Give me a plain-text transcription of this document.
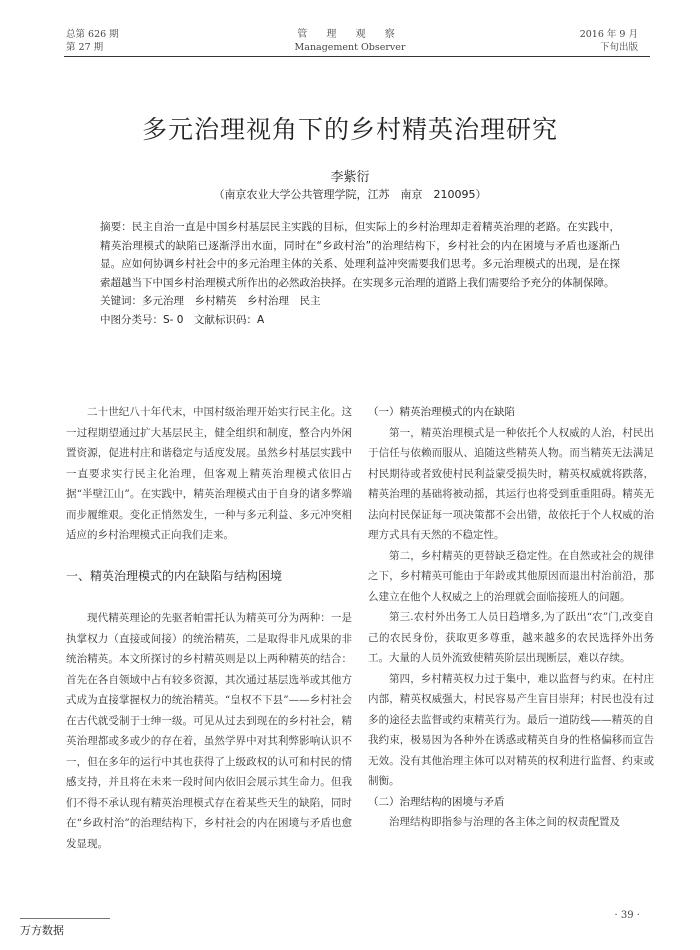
总第 626 期
第 27 期
管 理 观 察
Management Observer
2016 年 9 月
下旬出版
多元治理视角下的乡村精英治理研究
李紫衍
（南京农业大学公共管理学院，江苏　南京　210095）

摘要：民主自治一直是中国乡村基层民主实践的目标，但实际上的乡村治理却走着精英治理的老路。在实践中，精英治理模式的缺陷已逐渐浮出水面，同时在“乡政村治”的治理结构下，乡村社会的内在困境与矛盾也逐渐凸显。应如何协调乡村社会中的多元治理主体的关系、处理利益冲突需要我们思考。多元治理模式的出现，是在探索超越当下中国乡村治理模式所作出的必然政治抉择。在实现多元治理的道路上我们需要给予充分的体制保障。

关键词：多元治理　乡村精英　乡村治理　民主
中图分类号：S- 0　文献标识码：A

二十世纪八十年代末，中国村级治理开始实行民主化。这一过程期望通过扩大基层民主，健全组织和制度，整合内外闲置资源，促进村庄和谐稳定与适度发展。虽然乡村基层实践中一直要求实行民主化治理，但客观上精英治理模式依旧占据“半壁江山”。在实践中，精英治理模式由于自身的诸多弊端而步履维艰。变化正悄然发生，一种与多元利益、多元冲突相适应的乡村治理模式正向我们走来。

一、精英治理模式的内在缺陷与结构困境

现代精英理论的先驱者帕雷托认为精英可分为两种：一是执掌权力（直接或间接）的统治精英，二是取得非凡成果的非统治精英。本文所探讨的乡村精英则是以上两种精英的结合：首先在各自领域中占有较多资源，其次通过基层选举或其他方式成为直接掌握权力的统治精英。“皇权不下县”——乡村社会在古代就受制于士绅一级。可见从过去到现在的乡村社会，精英治理都或多或少的存在着，虽然学界中对其利弊影响认识不一，但在多年的运行中其也获得了上级政权的认可和村民的情感支持，并且将在未来一段时间内依旧会展示其生命力。但我们不得不承认现有精英治理模式存在着某些天生的缺陷，同时在“乡政村治”的治理结构下，乡村社会的内在困境与矛盾也愈发显现。

（一）精英治理模式的内在缺陷

第一，精英治理模式是一种依托个人权威的人治，村民出于信任与依赖而服从、追随这些精英人物。而当精英无法满足村民期待或者致使村民利益蒙受损失时，精英权威就将跌落，精英治理的基础将被动摇，其运行也将受到重重阻碍。精英无法向村民保证每一项决策都不会出错，故依托于个人权威的治理方式具有天然的不稳定性。

第二，乡村精英的更替缺乏稳定性。在自然或社会的规律之下，乡村精英可能由于年龄或其他原因而退出村治前沿，那么建立在他个人权威之上的治理就会面临接班人的问题。

第三.农村外出务工人员日趋增多,为了跃出“农”门,改变自己的农民身份，获取更多尊重，越来越多的农民选择外出务工。大量的人员外流致使精英阶层出现断层，难以存续。

第四，乡村精英权力过于集中，难以监督与约束。在村庄内部，精英权威强大，村民容易产生盲目崇拜；村民也没有过多的途径去监督或约束精英行为。最后一道防线——精英的自我约束，极易因为各种外在诱惑或精英自身的性格偏移而宣告无效。没有其他治理主体可以对精英的权利进行监督、约束或制衡。

（二）治理结构的困境与矛盾

治理结构即指参与治理的各主体之间的权责配置及

· 39 ·
万方数据
